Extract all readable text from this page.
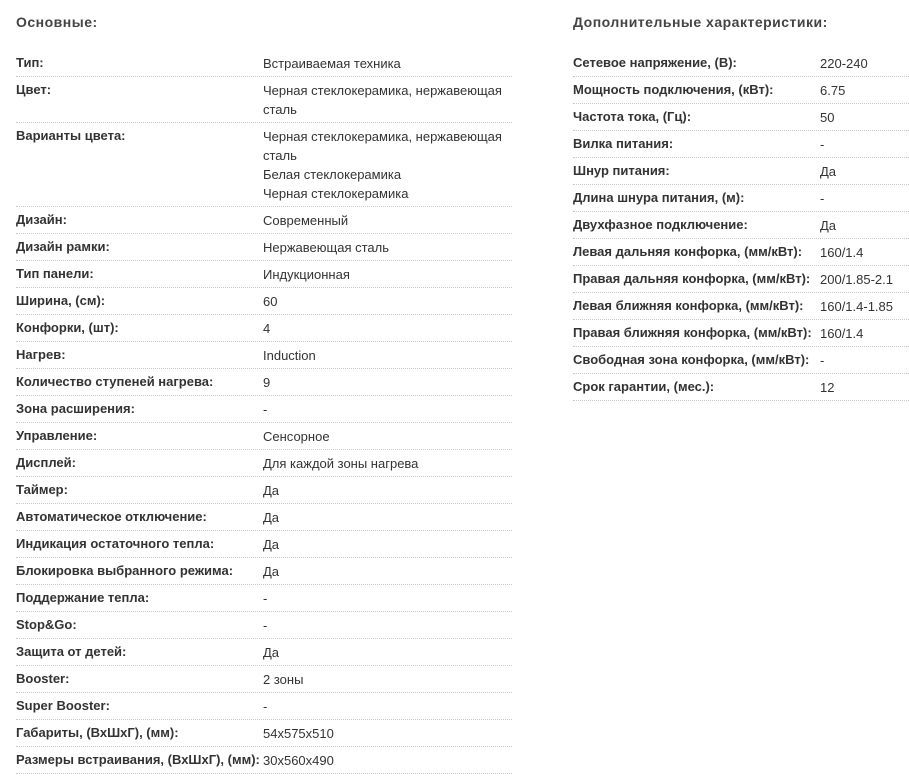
Основные:
Тип:	Встраиваемая техника
Цвет:	Черная стеклокерамика, нержавеющая
сталь
Варианты цвета:	Черная стеклокерамика, нержавеющая
сталь
Белая стеклокерамика
Черная стеклокерамика
Дизайн:	Современный
Дизайн рамки:	Нержавеющая сталь
Тип панели:	Индукционная
Ширина, (см):	60
Конфорки, (шт):	4
Нагрев:	Induction
Количество ступеней нагрева:	9
Зона расширения:	-
Управление:	Сенсорное
Дисплей:	Для каждой зоны нагрева
Таймер:	Да
Автоматическое отключение:	Да
Индикация остаточного тепла:	Да
Блокировка выбранного режима:	Да
Поддержание тепла:	-
Stop&Go:	-
Защита от детей:	Да
Booster:	2 зоны
Super Booster:	-
Габариты, (ВхШхГ), (мм):	54x575x510
Размеры встраивания, (ВхШхГ), (мм): 30x560x490
Дополнительные характеристики:
Сетевое напряжение, (В):	220-240
Мощность подключения, (кВт):	6.75
Частота тока, (Гц):	50
Вилка питания:	-
Шнур питания:	Да
Длина шнура питания, (м):	-
Двухфазное подключение:	Да
Левая дальняя конфорка, (мм/кВт):	160/1.4
Правая дальняя конфорка, (мм/кВт): 200/1.85-2.1
Левая ближняя конфорка, (мм/кВт):	160/1.4-1.85
Правая ближняя конфорка, (мм/кВт): 160/1.4
Свободная зона конфорка, (мм/кВт): -
Срок гарантии, (мес.):	12
